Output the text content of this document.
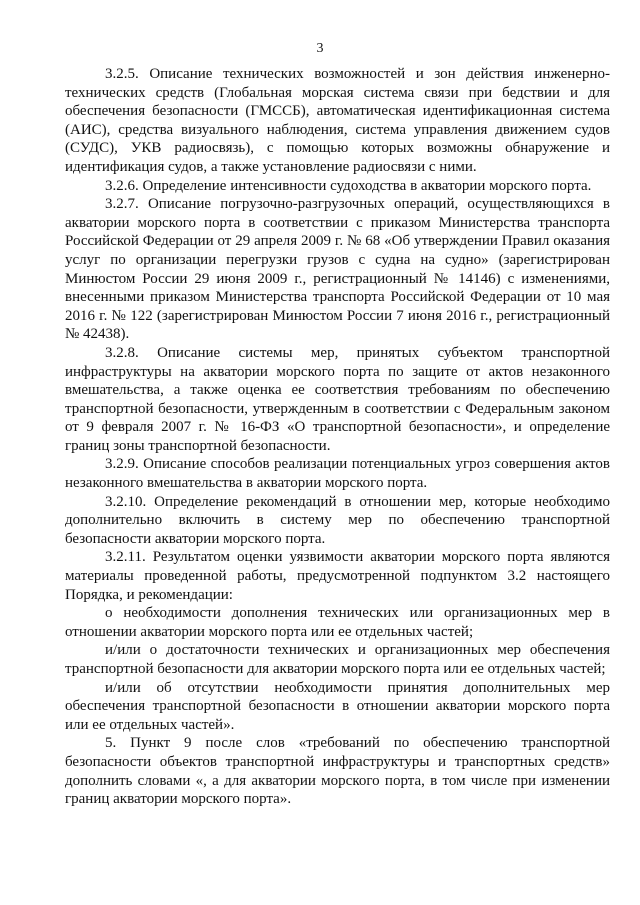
3

3.2.5. Описание технических возможностей и зон действия инженерно-технических средств (Глобальная морская система связи при бедствии и для обеспечения безопасности (ГМССБ), автоматическая идентификационная система (АИС), средства визуального наблюдения, система управления движением судов (СУДС), УКВ радиосвязь), с помощью которых возможны обнаружение и идентификация судов, а также установление радиосвязи с ними.

3.2.6. Определение интенсивности судоходства в акватории морского порта.

3.2.7. Описание погрузочно-разгрузочных операций, осуществляющихся в акватории морского порта в соответствии с приказом Министерства транспорта Российской Федерации от 29 апреля 2009 г. № 68 «Об утверждении Правил оказания услуг по организации перегрузки грузов с судна на судно» (зарегистрирован Минюстом России 29 июня 2009 г., регистрационный № 14146) с изменениями, внесенными приказом Министерства транспорта Российской Федерации от 10 мая 2016 г. № 122 (зарегистрирован Минюстом России 7 июня 2016 г., регистрационный № 42438).

3.2.8. Описание системы мер, принятых субъектом транспортной инфраструктуры на акватории морского порта по защите от актов незаконного вмешательства, а также оценка ее соответствия требованиям по обеспечению транспортной безопасности, утвержденным в соответствии с Федеральным законом от 9 февраля 2007 г. № 16-ФЗ «О транспортной безопасности», и определение границ зоны транспортной безопасности.

3.2.9. Описание способов реализации потенциальных угроз совершения актов незаконного вмешательства в акватории морского порта.

3.2.10. Определение рекомендаций в отношении мер, которые необходимо дополнительно включить в систему мер по обеспечению транспортной безопасности акватории морского порта.

3.2.11. Результатом оценки уязвимости акватории морского порта являются материалы проведенной работы, предусмотренной подпунктом 3.2 настоящего Порядка, и рекомендации:

о необходимости дополнения технических или организационных мер в отношении акватории морского порта или ее отдельных частей;

и/или о достаточности технических и организационных мер обеспечения транспортной безопасности для акватории морского порта или ее отдельных частей;

и/или об отсутствии необходимости принятия дополнительных мер обеспечения транспортной безопасности в отношении акватории морского порта или ее отдельных частей».

5. Пункт 9 после слов «требований по обеспечению транспортной безопасности объектов транспортной инфраструктуры и транспортных средств» дополнить словами «, а для акватории морского порта, в том числе при изменении границ акватории морского порта».
